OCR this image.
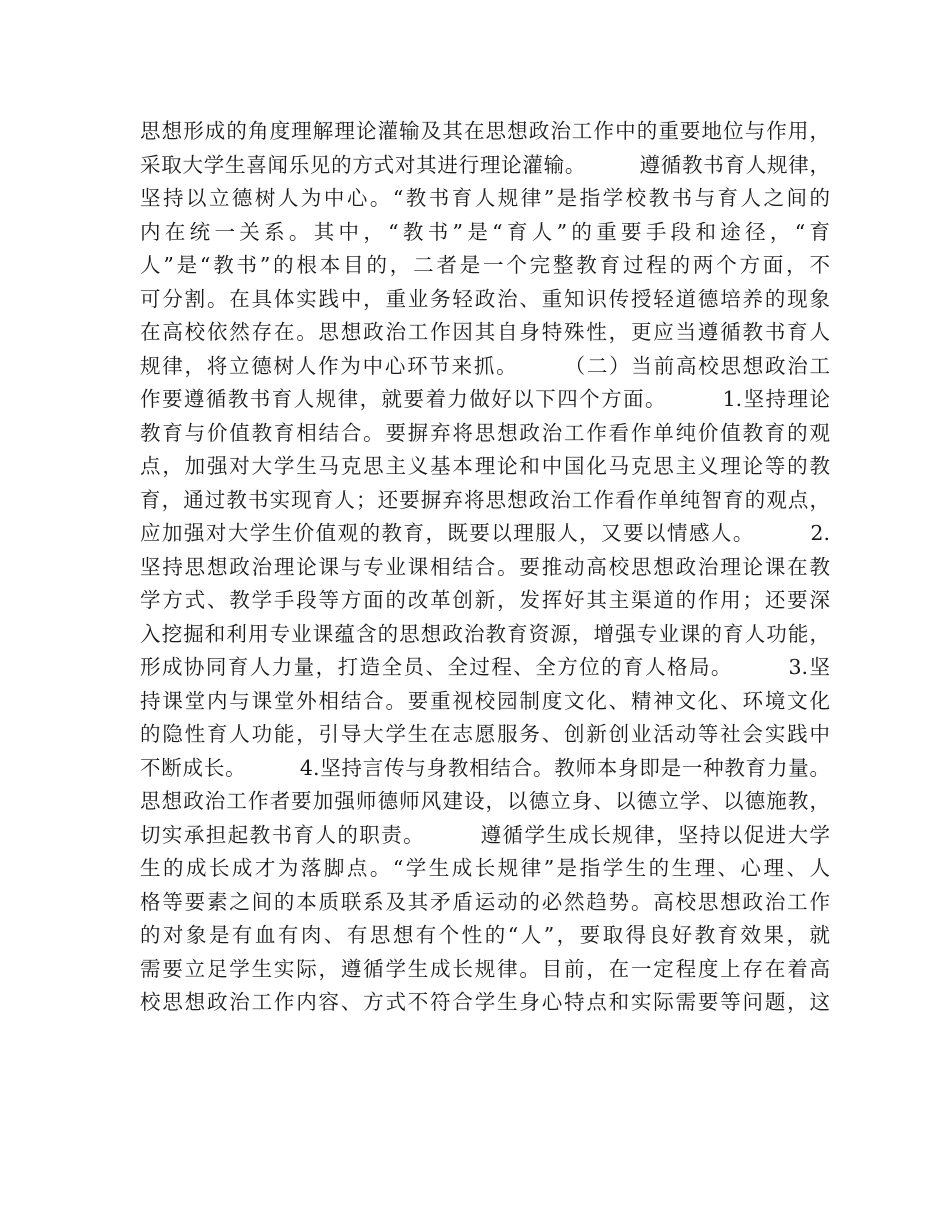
思想形成的角度理解理论灌输及其在思想政治工作中的重要地位与作用，
采取大学生喜闻乐见的方式对其进行理论灌输。　　　遵循教书育人规律，
坚持以立德树人为中心。“教书育人规律”是指学校教书与育人之间的
内在统一关系。其中，“教书”是“育人”的重要手段和途径，“育
人”是“教书”的根本目的，二者是一个完整教育过程的两个方面，不
可分割。在具体实践中，重业务轻政治、重知识传授轻道德培养的现象
在高校依然存在。思想政治工作因其自身特殊性，更应当遵循教书育人
规律，将立德树人作为中心环节来抓。　　　（二）当前高校思想政治工
作要遵循教书育人规律，就要着力做好以下四个方面。　　　1.坚持理论
教育与价值教育相结合。要摒弃将思想政治工作看作单纯价值教育的观
点，加强对大学生马克思主义基本理论和中国化马克思主义理论等的教
育，通过教书实现育人；还要摒弃将思想政治工作看作单纯智育的观点，
应加强对大学生价值观的教育，既要以理服人，又要以情感人。　　　2.
坚持思想政治理论课与专业课相结合。要推动高校思想政治理论课在教
学方式、教学手段等方面的改革创新，发挥好其主渠道的作用；还要深
入挖掘和利用专业课蕴含的思想政治教育资源，增强专业课的育人功能，
形成协同育人力量，打造全员、全过程、全方位的育人格局。　　　3.坚
持课堂内与课堂外相结合。要重视校园制度文化、精神文化、环境文化
的隐性育人功能，引导大学生在志愿服务、创新创业活动等社会实践中
不断成长。　　　4.坚持言传与身教相结合。教师本身即是一种教育力量。
思想政治工作者要加强师德师风建设，以德立身、以德立学、以德施教，
切实承担起教书育人的职责。　　　遵循学生成长规律，坚持以促进大学
生的成长成才为落脚点。“学生成长规律”是指学生的生理、心理、人
格等要素之间的本质联系及其矛盾运动的必然趋势。高校思想政治工作
的对象是有血有肉、有思想有个性的“人”，要取得良好教育效果，就
需要立足学生实际，遵循学生成长规律。目前，在一定程度上存在着高
校思想政治工作内容、方式不符合学生身心特点和实际需要等问题，这
